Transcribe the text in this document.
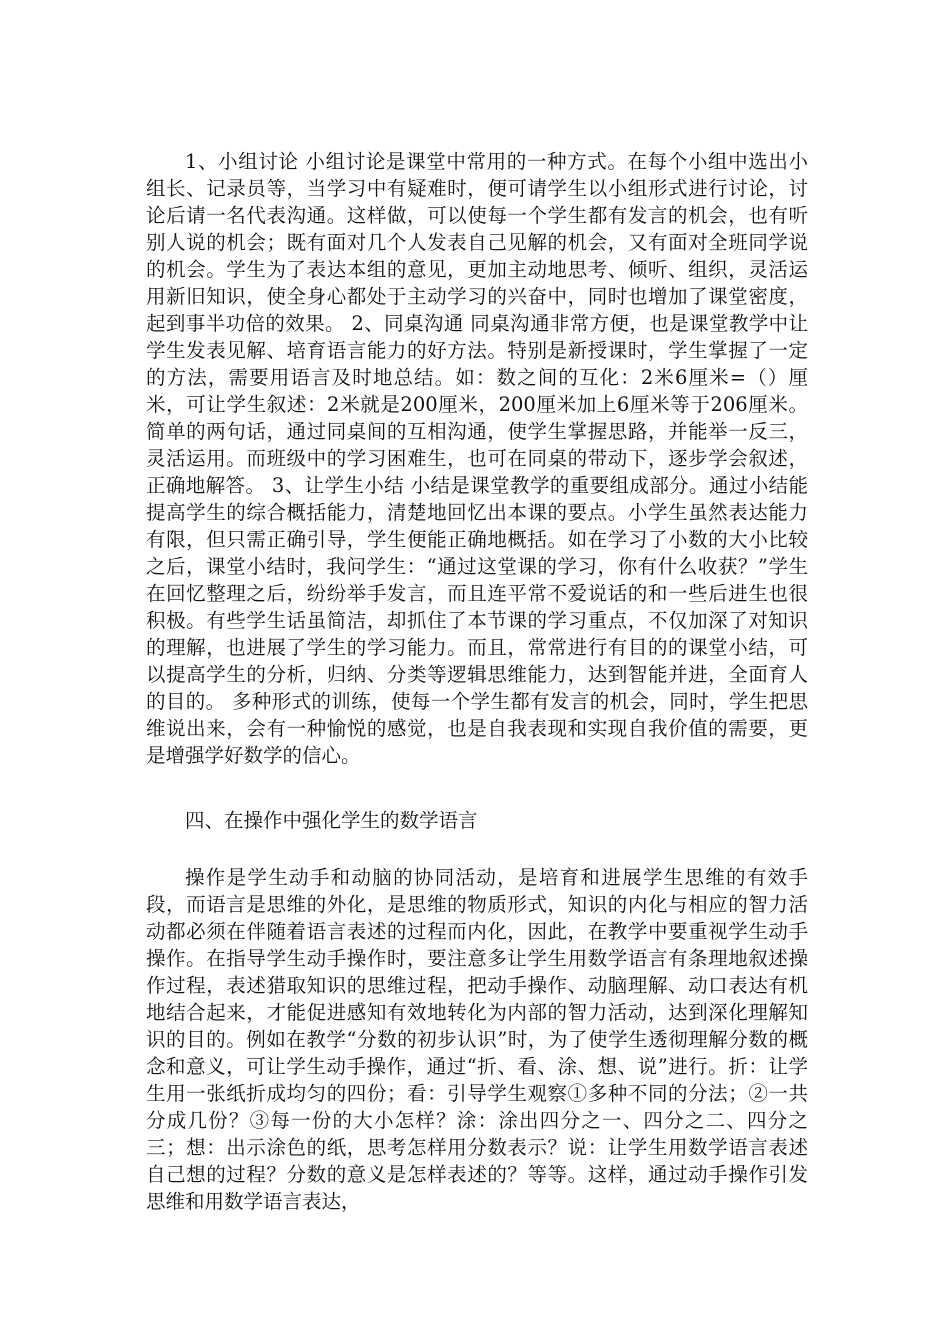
1、小组讨论 小组讨论是课堂中常用的一种方式。在每个小组中选出小组长、记录员等，当学习中有疑难时，便可请学生以小组形式进行讨论，讨论后请一名代表沟通。这样做，可以使每一个学生都有发言的机会，也有听别人说的机会；既有面对几个人发表自己见解的机会，又有面对全班同学说的机会。学生为了表达本组的意见，更加主动地思考、倾听、组织，灵活运用新旧知识，使全身心都处于主动学习的兴奋中，同时也增加了课堂密度，起到事半功倍的效果。 2、同桌沟通 同桌沟通非常方便，也是课堂教学中让学生发表见解、培育语言能力的好方法。特别是新授课时，学生掌握了一定的方法，需要用语言及时地总结。如：数之间的互化：2米6厘米=（）厘米，可让学生叙述：2米就是200厘米，200厘米加上6厘米等于206厘米。简单的两句话，通过同桌间的互相沟通，使学生掌握思路，并能举一反三，灵活运用。而班级中的学习困难生，也可在同桌的带动下，逐步学会叙述，正确地解答。 3、让学生小结 小结是课堂教学的重要组成部分。通过小结能提高学生的综合概括能力，清楚地回忆出本课的要点。小学生虽然表达能力有限，但只需正确引导，学生便能正确地概括。如在学习了小数的大小比较之后，课堂小结时，我问学生：“通过这堂课的学习，你有什么收获？”学生在回忆整理之后，纷纷举手发言，而且连平常不爱说话的和一些后进生也很积极。有些学生话虽简洁，却抓住了本节课的学习重点，不仅加深了对知识的理解，也进展了学生的学习能力。而且，常常进行有目的的课堂小结，可以提高学生的分析，归纳、分类等逻辑思维能力，达到智能并进，全面育人的目的。 多种形式的训练，使每一个学生都有发言的机会，同时，学生把思维说出来，会有一种愉悦的感觉，也是自我表现和实现自我价值的需要，更是增强学好数学的信心。

四、在操作中强化学生的数学语言

操作是学生动手和动脑的协同活动，是培育和进展学生思维的有效手段，而语言是思维的外化，是思维的物质形式，知识的内化与相应的智力活动都必须在伴随着语言表述的过程而内化，因此，在教学中要重视学生动手操作。在指导学生动手操作时，要注意多让学生用数学语言有条理地叙述操作过程，表述猎取知识的思维过程，把动手操作、动脑理解、动口表达有机地结合起来，才能促进感知有效地转化为内部的智力活动，达到深化理解知识的目的。例如在教学“分数的初步认识”时，为了使学生透彻理解分数的概念和意义，可让学生动手操作，通过“折、看、涂、想、说”进行。折：让学生用一张纸折成均匀的四份；看：引导学生观察①多种不同的分法；②一共分成几份？③每一份的大小怎样？涂：涂出四分之一、四分之二、四分之三；想：出示涂色的纸，思考怎样用分数表示？说：让学生用数学语言表述自己想的过程？分数的意义是怎样表述的？等等。这样，通过动手操作引发思维和用数学语言表达，
